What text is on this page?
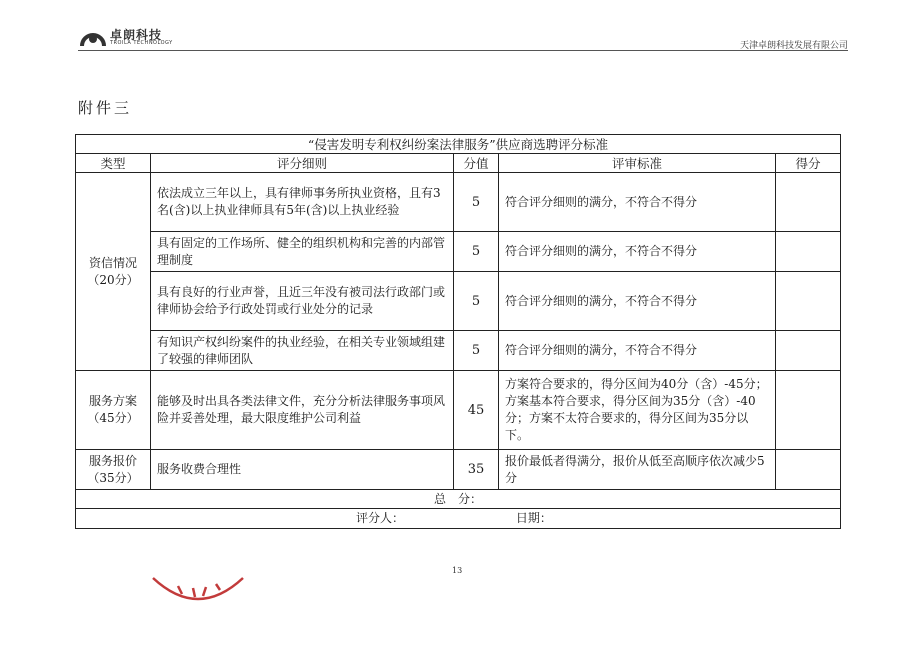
卓朗科技
TROILA TECHNOLOGY	天津卓朗科技发展有限公司
附件三
“侵害发明专利权纠纷案法律服务”供应商选聘评分标准				
类型	评分细则	分值	评审标准	得分

资信情况
（20分）	依法成立三年以上，具有律师事务所执业资格，且有3名(含)以上执业律师具有5年(含)以上执业经验	5	符合评分细则的满分，不符合不得分	
	具有固定的工作场所、健全的组织机构和完善的内部管理制度	5	符合评分细则的满分，不符合不得分	
	具有良好的行业声誉，且近三年没有被司法行政部门或律师协会给予行政处罚或行业处分的记录	5	符合评分细则的满分，不符合不得分	
	有知识产权纠纷案件的执业经验，在相关专业领域组建了较强的律师团队	5	符合评分细则的满分，不符合不得分	

服务方案
（45分）	能够及时出具各类法律文件，充分分析法律服务事项风险并妥善处理，最大限度维护公司利益	45	方案符合要求的，得分区间为40分（含）-45分；方案基本符合要求，得分区间为35分（含）-40分；方案不太符合要求的，得分区间为35分以下。	

服务报价
（35分）	服务收费合理性	35	报价最低者得满分，报价从低至高顺序依次减少5分	
总　分：				
评分人： 日期：				
13
